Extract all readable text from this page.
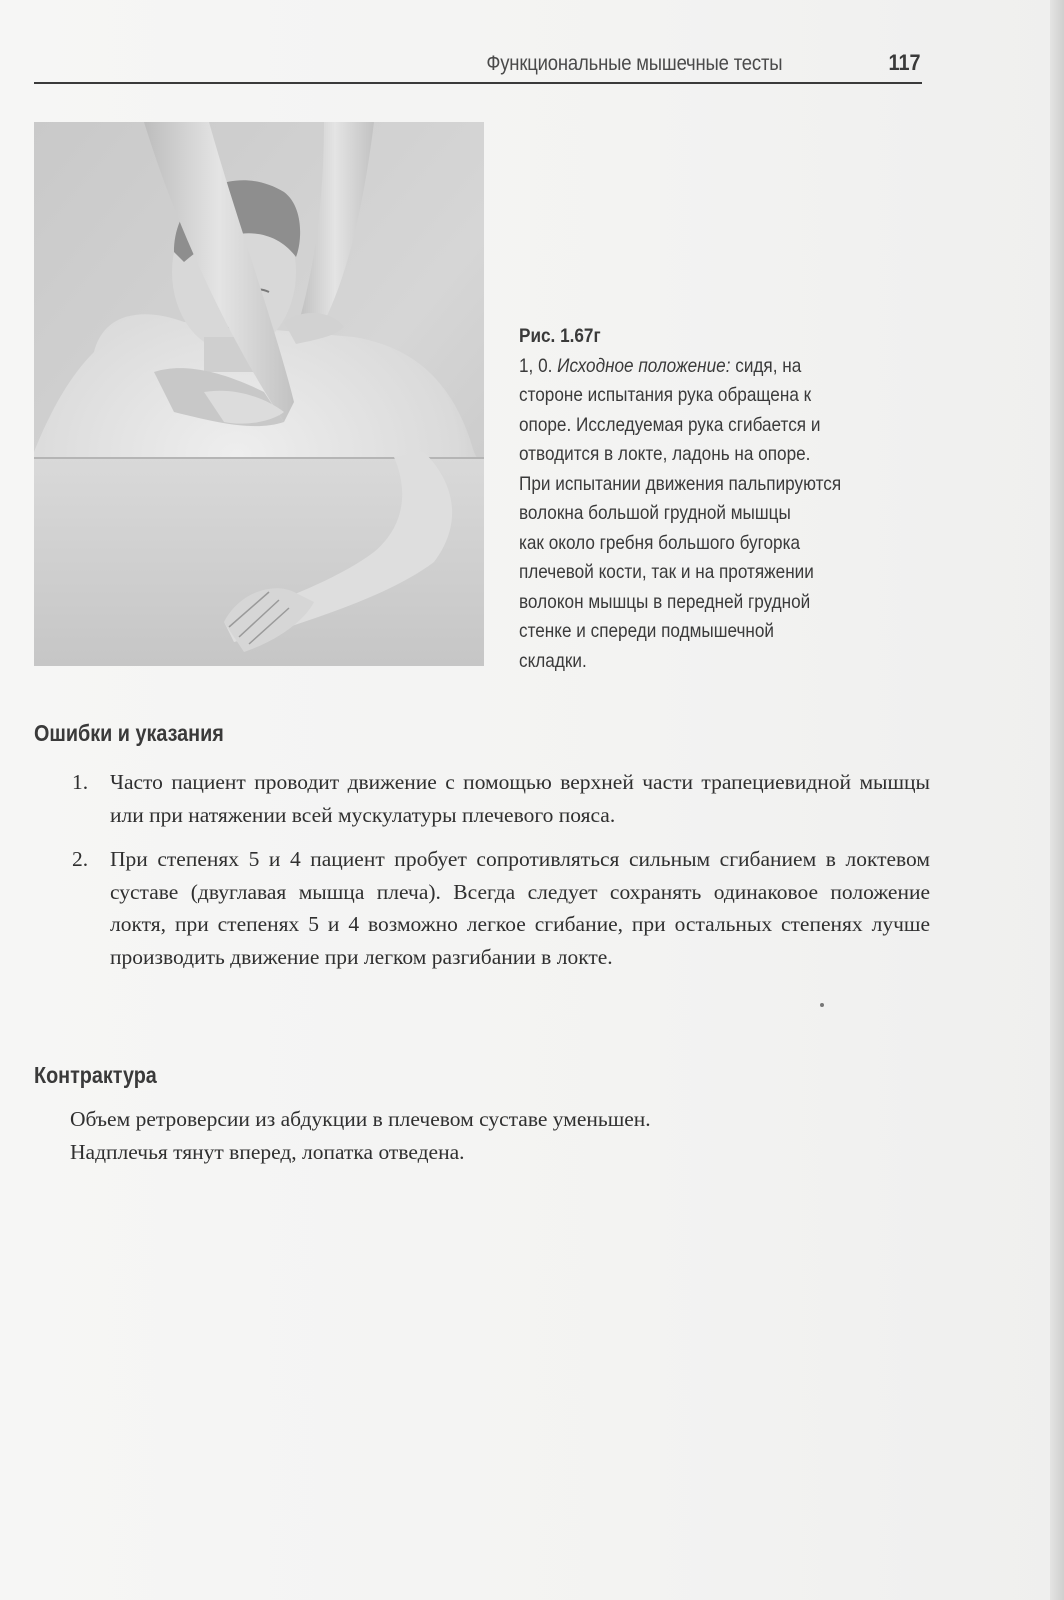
Функциональные мышечные тесты	117
Рис. 1.67г
1, 0. Исходное положение: сидя, на
стороне испытания рука обращена к
опоре. Исследуемая рука сгибается и
отводится в локте, ладонь на опоре.
При испытании движения пальпируются
волокна большой грудной мышцы
как около гребня большого бугорка
плечевой кости, так и на протяжении
волокон мышцы в передней грудной
стенке и спереди подмышечной
складки.
Ошибки и указания
1. Часто пациент проводит движение с помощью верхней части трапециевидной мышцы или при натяжении всей мускулатуры плечевого пояса.
2. При степенях 5 и 4 пациент пробует сопротивляться сильным сгибанием в локтевом суставе (двуглавая мышца плеча). Всегда следует сохранять одинаковое положение локтя, при степенях 5 и 4 возможно легкое сгибание, при остальных степенях лучше производить движение при легком разгибании в локте.
Контрактура
Объем ретроверсии из абдукции в плечевом суставе уменьшен.
Надплечья тянут вперед, лопатка отведена.
